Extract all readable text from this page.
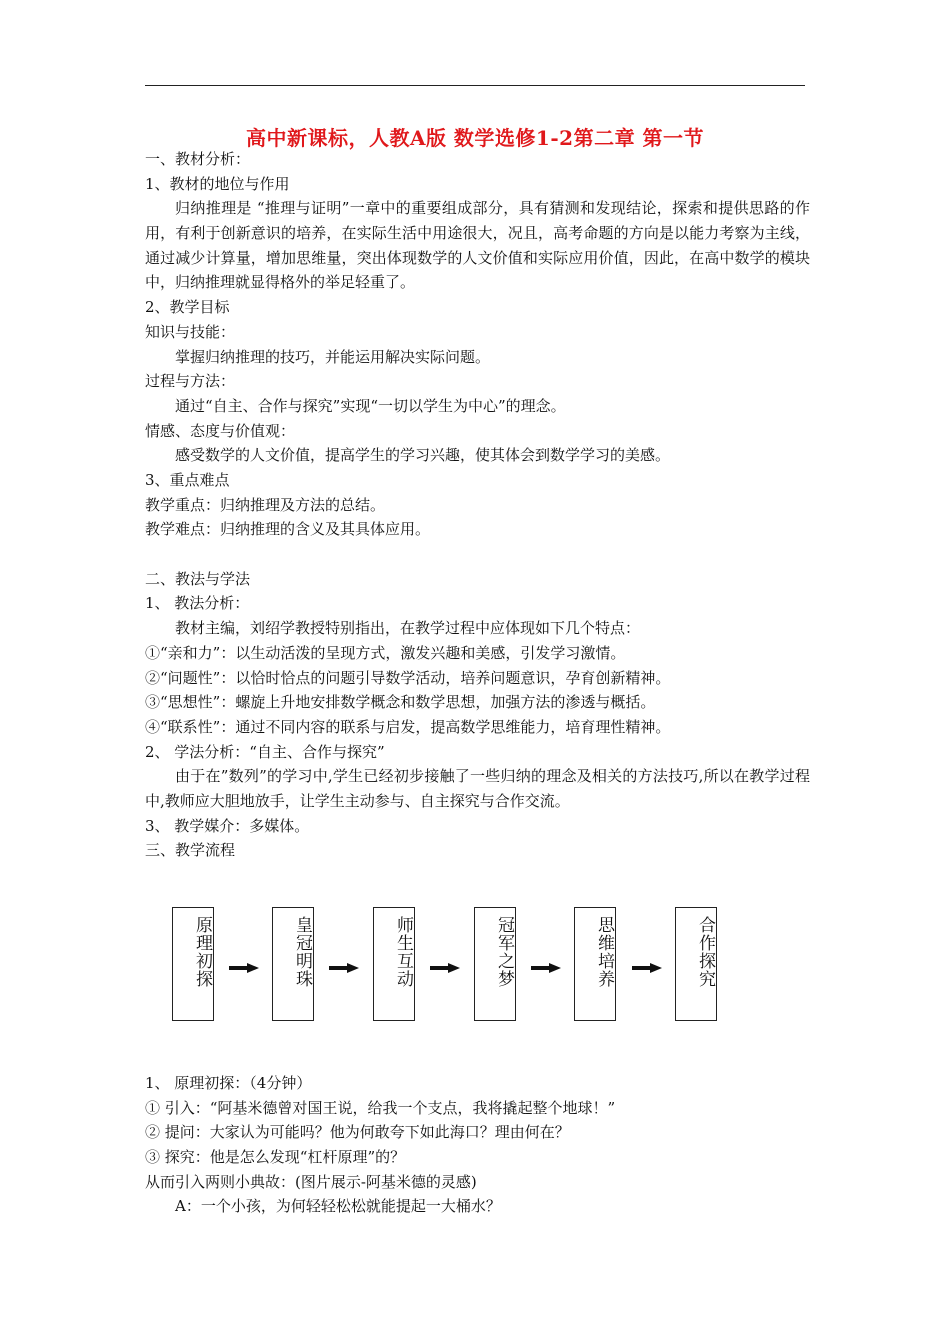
高中新课标，人教A版 数学选修1-2第二章 第一节

一、教材分析：

1、教材的地位与作用

归纳推理是 “推理与证明”一章中的重要组成部分，具有猜测和发现结论，探索和提供思路的作用，有利于创新意识的培养，在实际生活中用途很大，况且，高考命题的方向是以能力考察为主线，通过减少计算量，增加思维量，突出体现数学的人文价值和实际应用价值，因此，在高中数学的模块中，归纳推理就显得格外的举足轻重了。

2、教学目标

知识与技能：

掌握归纳推理的技巧，并能运用解决实际问题。

过程与方法：

通过“自主、合作与探究”实现“一切以学生为中心”的理念。

情感、态度与价值观：

感受数学的人文价值，提高学生的学习兴趣，使其体会到数学学习的美感。

3、重点难点

教学重点：归纳推理及方法的总结。

教学难点：归纳推理的含义及其具体应用。

二、教法与学法

1、 教法分析：

教材主编，刘绍学教授特别指出，在教学过程中应体现如下几个特点：

①“亲和力”：以生动活泼的呈现方式，激发兴趣和美感，引发学习激情。

②“问题性”：以恰时恰点的问题引导数学活动，培养问题意识，孕育创新精神。

③“思想性”：螺旋上升地安排数学概念和数学思想，加强方法的渗透与概括。

④“联系性”：通过不同内容的联系与启发，提高数学思维能力，培育理性精神。

2、 学法分析：“自主、合作与探究”

由于在”数列”的学习中,学生已经初步接触了一些归纳的理念及相关的方法技巧,所以在教学过程中,教师应大胆地放手，让学生主动参与、自主探究与合作交流。

3、 教学媒介：多媒体。

三、教学流程

原理初探	皇冠明珠	师生互动	冠军之梦	思维培养	合作探究

1、 原理初探：（4分钟）

① 引入：“阿基米德曾对国王说，给我一个支点，我将撬起整个地球！”

② 提问：大家认为可能吗？他为何敢夸下如此海口？理由何在？

③ 探究：他是怎么发现“杠杆原理”的？

从而引入两则小典故：(图片展示-阿基米德的灵感)

A：一个小孩，为何轻轻松松就能提起一大桶水？
